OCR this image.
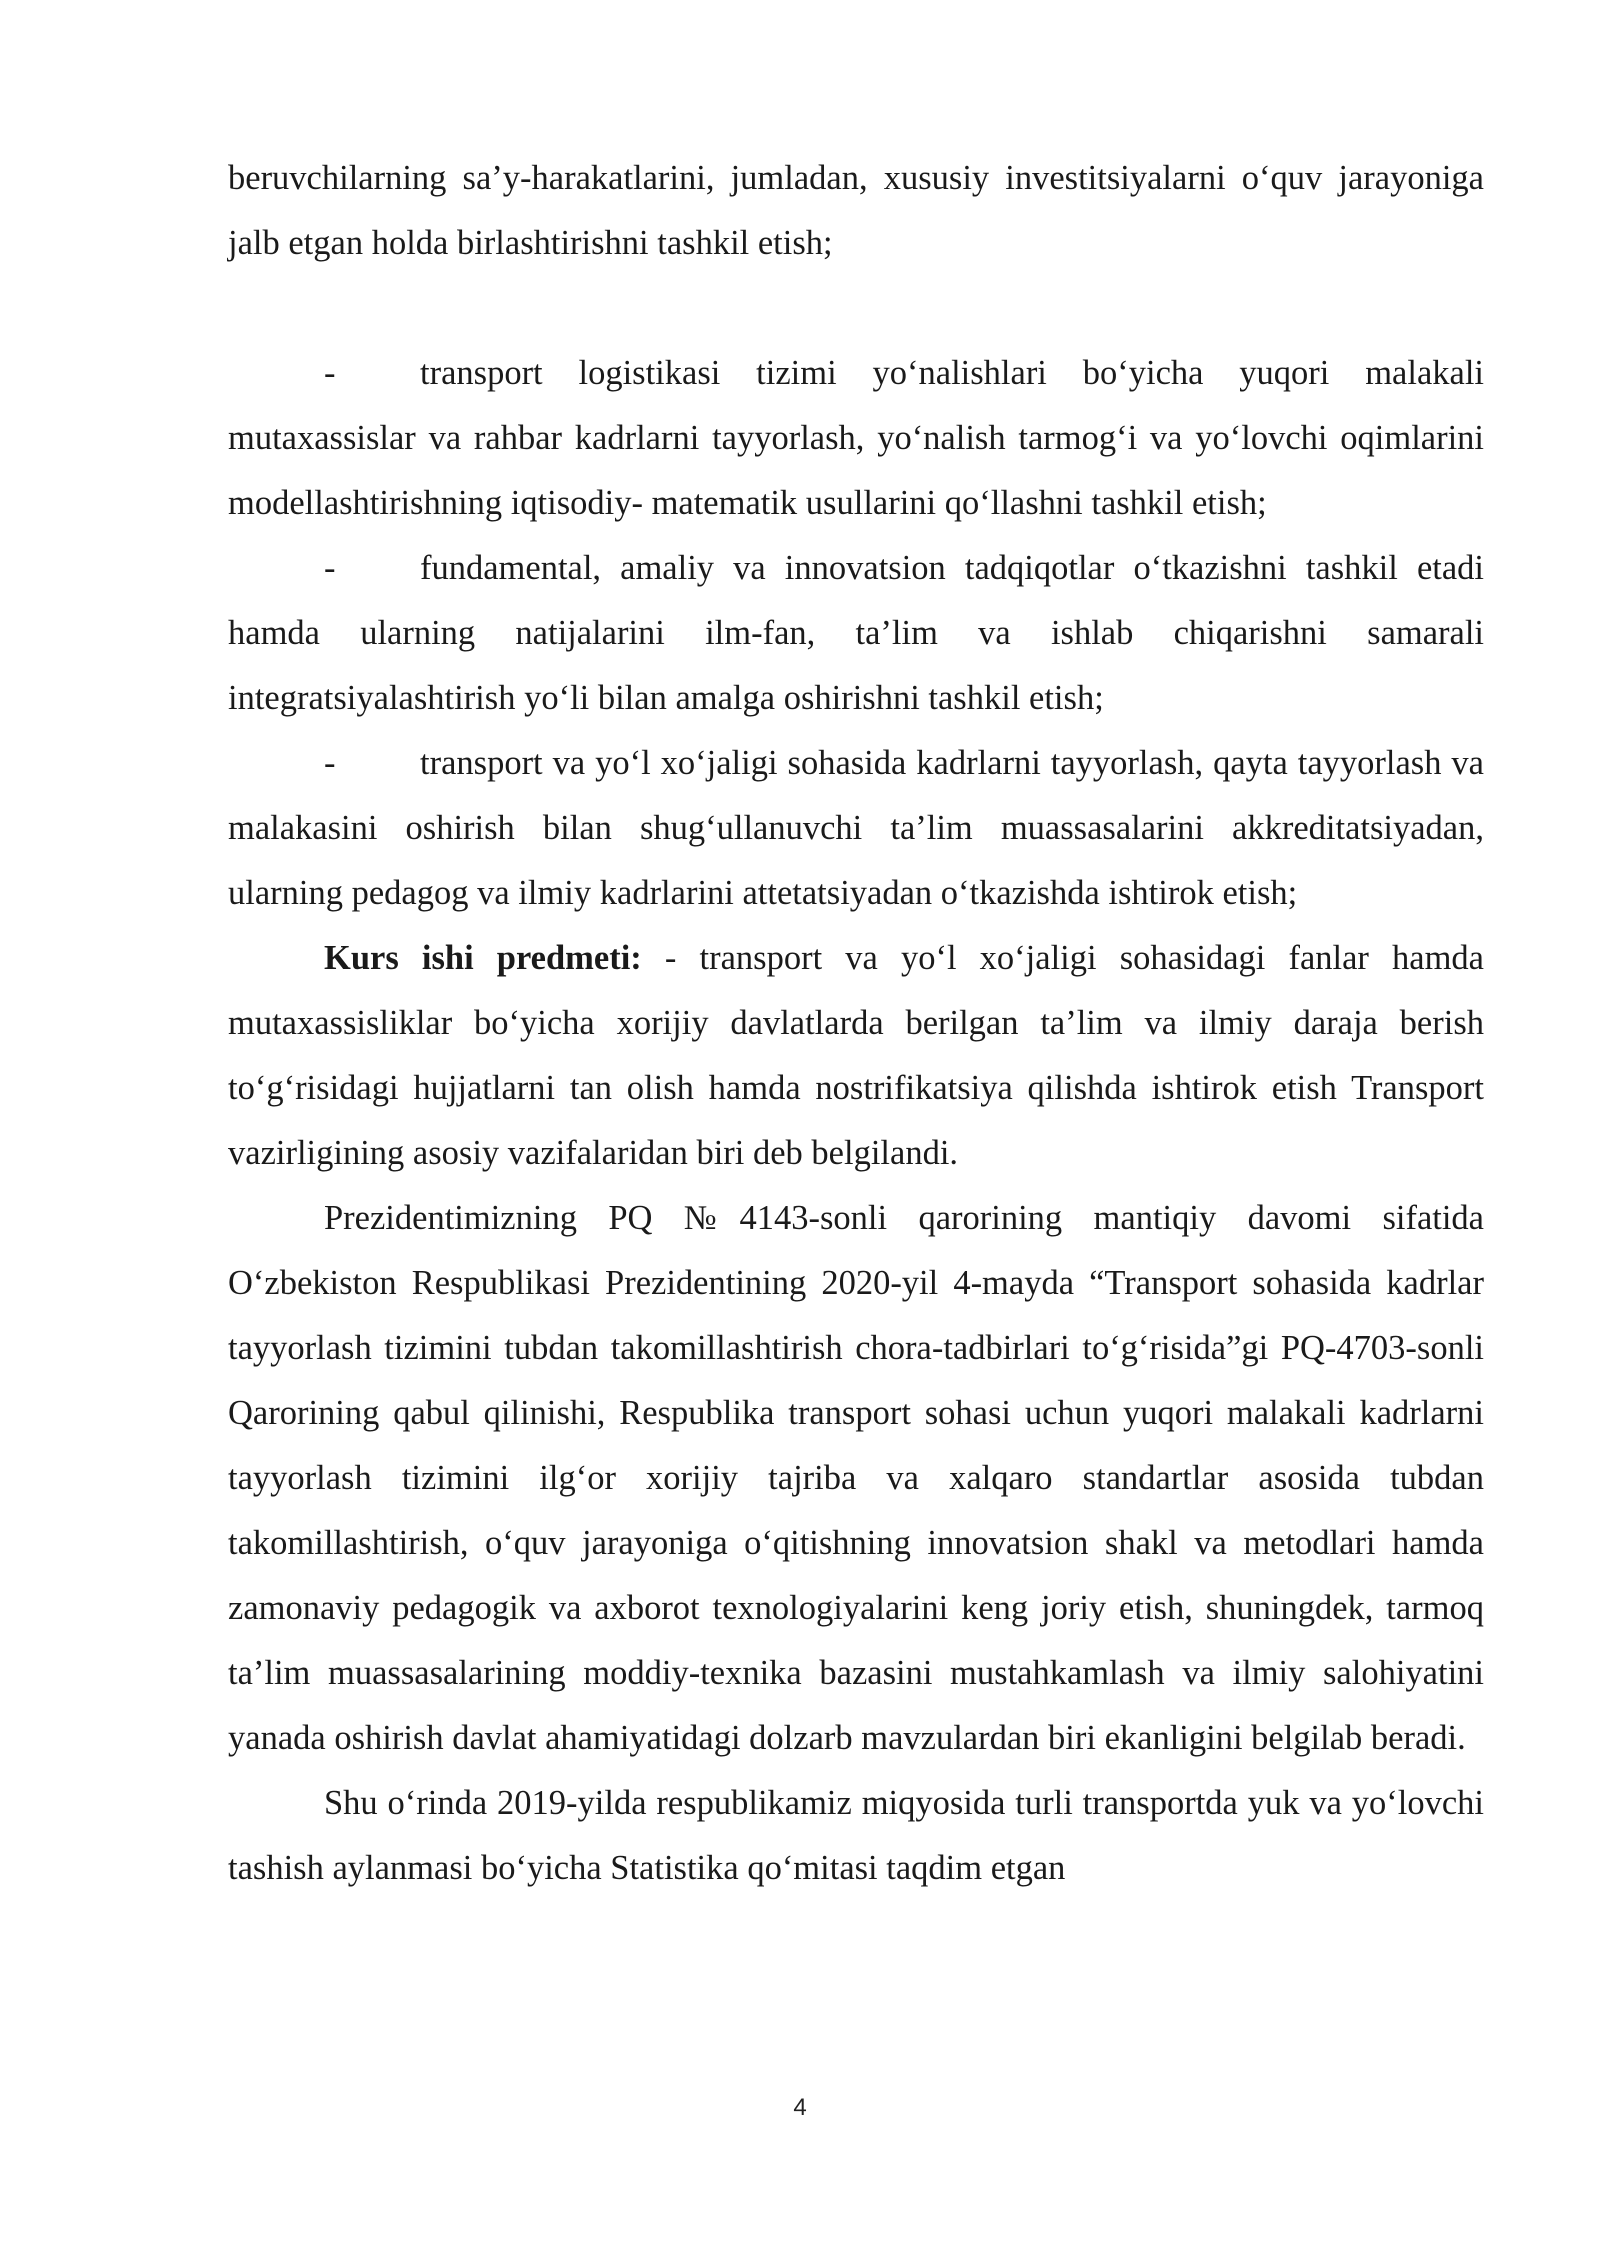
beruvchilarning sa’y-harakatlarini, jumladan, xususiy investitsiyalarni o‘quv jarayoniga jalb etgan holda birlashtirishni tashkil etish;

- transport logistikasi tizimi yo‘nalishlari bo‘yicha yuqori malakali mutaxassislar va rahbar kadrlarni tayyorlash, yo‘nalish tarmog‘i va yo‘lovchi oqimlarini modellashtirishning iqtisodiy- matematik usullarini qo‘llashni tashkil etish;

- fundamental, amaliy va innovatsion tadqiqotlar o‘tkazishni tashkil etadi hamda ularning natijalarini ilm-fan, ta’lim va ishlab chiqarishni samarali integratsiyalashtirish yo‘li bilan amalga oshirishni tashkil etish;

- transport va yo‘l xo‘jaligi sohasida kadrlarni tayyorlash, qayta tayyorlash va malakasini oshirish bilan shug‘ullanuvchi ta’lim muassasalarini akkreditatsiyadan, ularning pedagog va ilmiy kadrlarini attetatsiyadan o‘tkazishda ishtirok etish;

Kurs ishi predmeti: - transport va yo‘l xo‘jaligi sohasidagi fanlar hamda mutaxassisliklar bo‘yicha xorijiy davlatlarda berilgan ta’lim va ilmiy daraja berish to‘g‘risidagi hujjatlarni tan olish hamda nostrifikatsiya qilishda ishtirok etish Transport vazirligining asosiy vazifalaridan biri deb belgilandi.

Prezidentimizning PQ №4143-sonli qarorining mantiqiy davomi sifatida O‘zbekiston Respublikasi Prezidentining 2020-yil 4-mayda “Transport sohasida kadrlar tayyorlash tizimini tubdan takomillashtirish chora-tadbirlari to‘g‘risida”gi PQ-4703-sonli Qarorining qabul qilinishi, Respublika transport sohasi uchun yuqori malakali kadrlarni tayyorlash tizimini ilg‘or xorijiy tajriba va xalqaro standartlar asosida tubdan takomillashtirish, o‘quv jarayoniga o‘qitishning innovatsion shakl va metodlari hamda zamonaviy pedagogik va axborot texnologiyalarini keng joriy etish, shuningdek, tarmoq ta’lim muassasalarining moddiy-texnika bazasini mustahkamlash va ilmiy salohiyatini yanada oshirish davlat ahamiyatidagi dolzarb mavzulardan biri ekanligini belgilab beradi.

Shu o‘rinda 2019-yilda respublikamiz miqyosida turli transportda yuk va yo‘lovchi tashish aylanmasi bo‘yicha Statistika qo‘mitasi taqdim etgan

4
